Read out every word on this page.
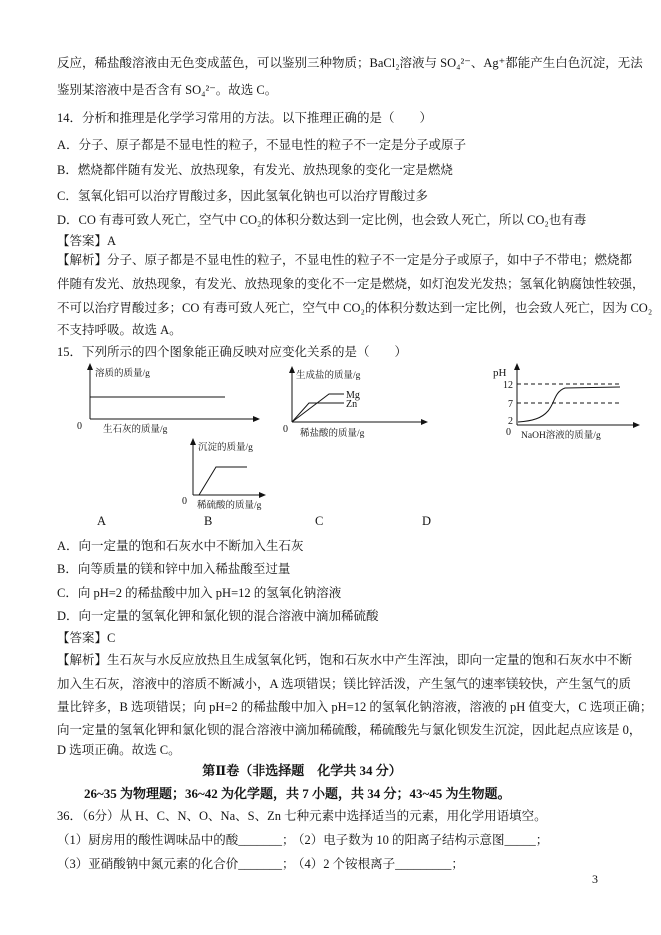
反应，稀盐酸溶液由无色变成蓝色，可以鉴别三种物质；BaCl₂溶液与 SO₄²⁻、Ag⁺都能产生白色沉淀，无法
鉴别某溶液中是否含有 SO₄²⁻。故选 C。
14．分析和推理是化学学习常用的方法。以下推理正确的是（　　）
A．分子、原子都是不显电性的粒子，不显电性的粒子不一定是分子或原子
B．燃烧都伴随有发光、放热现象，有发光、放热现象的变化一定是燃烧
C．氢氧化铝可以治疗胃酸过多，因此氢氧化钠也可以治疗胃酸过多
D．CO 有毒可致人死亡，空气中 CO₂的体积分数达到一定比例，也会致人死亡，所以 CO₂也有毒
【答案】A
【解析】分子、原子都是不显电性的粒子，不显电性的粒子不一定是分子或原子，如中子不带电；燃烧都
伴随有发光、放热现象，有发光、放热现象的变化不一定是燃烧，如灯泡发光发热；氢氧化钠腐蚀性较强，
不可以治疗胃酸过多；CO 有毒可致人死亡，空气中 CO₂的体积分数达到一定比例，也会致人死亡，因为 CO₂
不支持呼吸。故选 A。
15．下列所示的四个图象能正确反映对应变化关系的是（　　）
溶质的质量/g
0 生石灰的质量/g
生成盐的质量/g
Mg
Zn
0 稀盐酸的质量/g
pH
12
7
2
0 NaOH溶液的质量/g
沉淀的质量/g
0 稀硫酸的质量/g
A	B	C	D
A．向一定量的饱和石灰水中不断加入生石灰
B．向等质量的镁和锌中加入稀盐酸至过量
C．向 pH=2 的稀盐酸中加入 pH=12 的氢氧化钠溶液
D．向一定量的氢氧化钾和氯化钡的混合溶液中滴加稀硫酸
【答案】C
【解析】生石灰与水反应放热且生成氢氧化钙，饱和石灰水中产生浑浊，即向一定量的饱和石灰水中不断
加入生石灰，溶液中的溶质不断减小，A 选项错误；镁比锌活泼，产生氢气的速率镁较快，产生氢气的质
量比锌多，B 选项错误；向 pH=2 的稀盐酸中加入 pH=12 的氢氧化钠溶液，溶液的 pH 值变大，C 选项正确；
向一定量的氢氧化钾和氯化钡的混合溶液中滴加稀硫酸，稀硫酸先与氯化钡发生沉淀，因此起点应该是 0，
D 选项正确。故选 C。
第Ⅱ卷（非选择题　化学共 34 分）
26~35 为物理题；36~42 为化学题，共 7 小题，共 34 分；43~45 为生物题。
36．（6分）从 H、C、N、O、Na、S、Zn 七种元素中选择适当的元素，用化学用语填空。
（1）厨房用的酸性调味品中的酸_______；
（2）电子数为 10 的阳离子结构示意图_____；
（3）亚硝酸钠中氮元素的化合价_______；
（4）2 个铵根离子_________；
3
